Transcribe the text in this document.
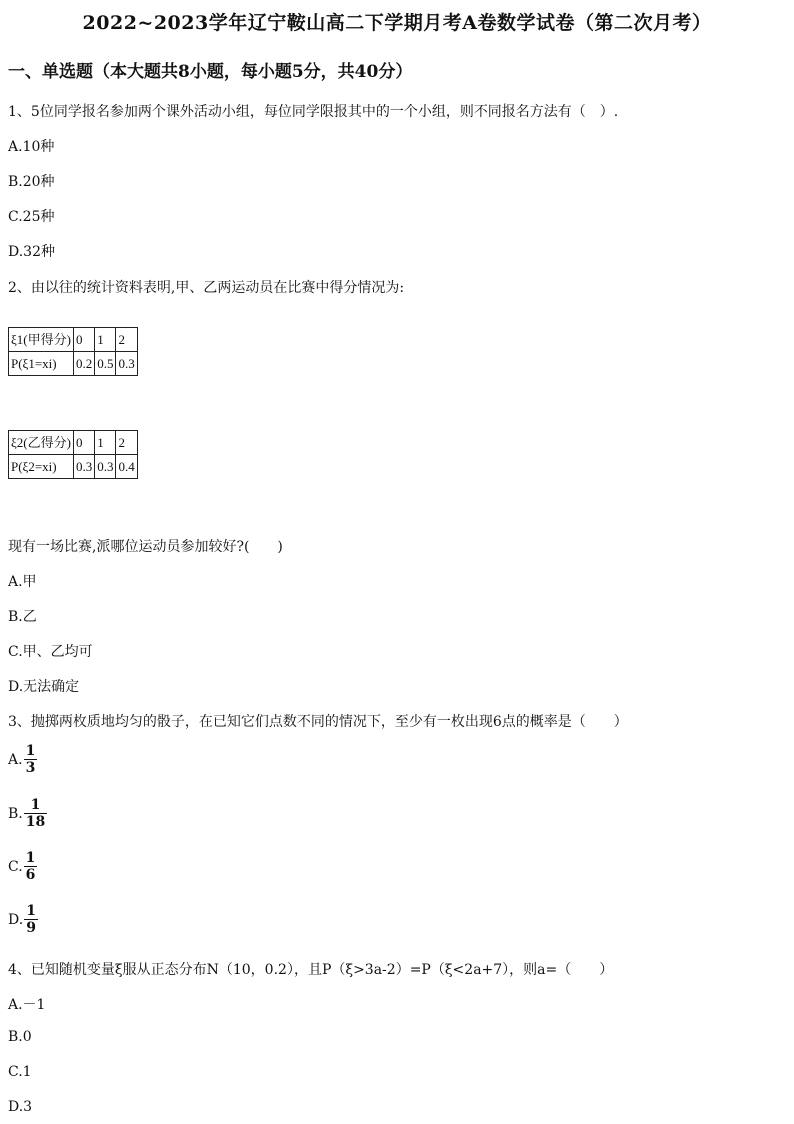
2022~2023学年辽宁鞍山高二下学期月考A卷数学试卷（第二次月考）
一、单选题（本大题共8小题，每小题5分，共40分）
1、5位同学报名参加两个课外活动小组，每位同学限报其中的一个小组，则不同报名方法有（　）.
A.10种
B.20种
C.25种
D.32种
2、由以往的统计资料表明,甲、乙两运动员在比赛中得分情况为:
ξ1(甲得分)	0	1	2
P(ξ1=xi)	0.2	0.5	0.3
ξ2(乙得分)	0	1	2
P(ξ2=xi)	0.3	0.3	0.4
现有一场比赛,派哪位运动员参加较好?(　　)
A.甲
B.乙
C.甲、乙均可
D.无法确定
3、抛掷两枚质地均匀的骰子，在已知它们点数不同的情况下，至少有一枚出现6点的概率是（　　）
A. $\frac{1}{3}$
B. $\frac{1}{18}$
C. $\frac{1}{6}$
D. $\frac{1}{9}$
4、已知随机变量ξ服从正态分布N（10，0.2），且P（ξ>3a-2）=P（ξ<2a+7），则a=（　　）
A.－1
B.0
C.1
D.3
